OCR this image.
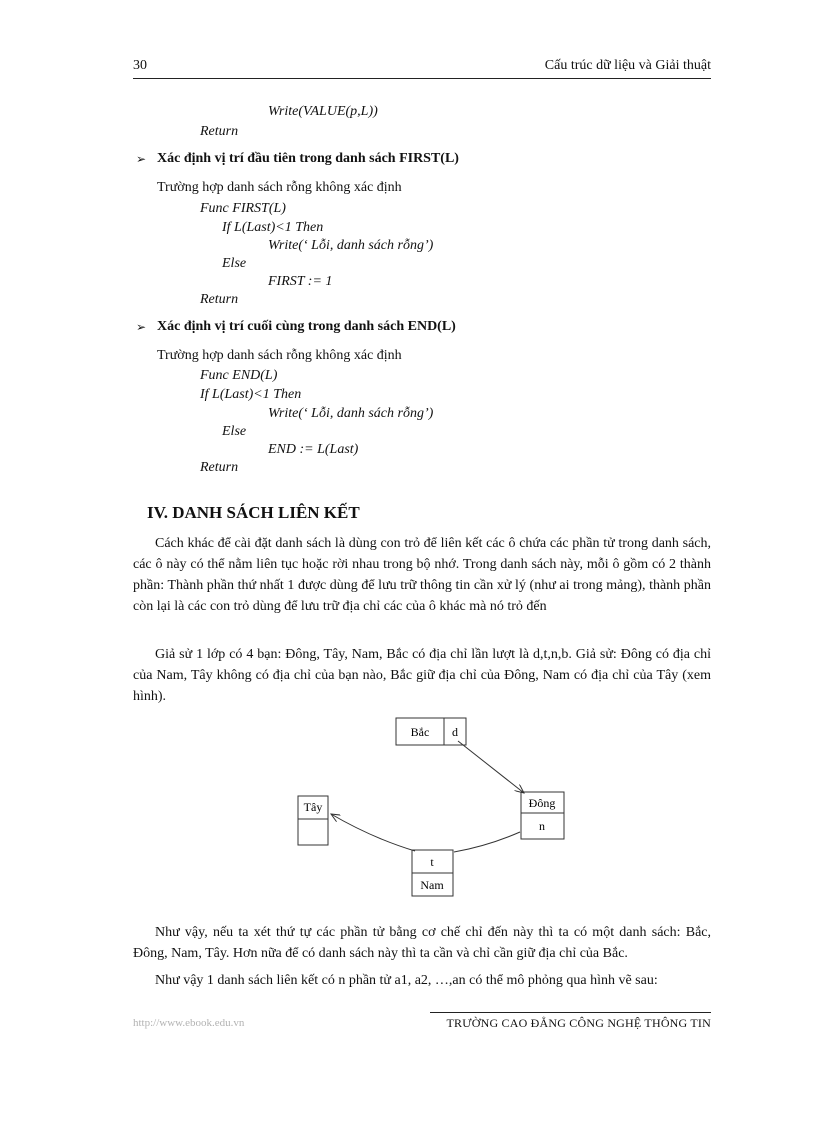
30	Cấu trúc dữ liệu và Giải thuật
Write(VALUE(p,L))
Return
➢ Xác định vị trí đầu tiên trong danh sách FIRST(L)
Trường hợp danh sách rỗng không xác định
Func FIRST(L)
If L(Last)<1 Then
Write(‘ Lỗi, danh sách rỗng’)
Else
FIRST := 1
Return
➢ Xác định vị trí cuối cùng trong danh sách END(L)
Trường hợp danh sách rỗng không xác định
Func END(L)
If L(Last)<1 Then
Write(‘ Lỗi, danh sách rỗng’)
Else
END := L(Last)
Return
IV. DANH SÁCH LIÊN KẾT

Cách khác để cài đặt danh sách là dùng con trỏ để liên kết các ô chứa các phần tử trong danh sách, các ô này có thể nằm liên tục hoặc rời nhau trong bộ nhớ. Trong danh sách này, mỗi ô gồm có 2 thành phần: Thành phần thứ nhất 1 được dùng để lưu trữ thông tin cần xử lý (như ai trong mảng), thành phần còn lại là các con trỏ dùng để lưu trữ địa chỉ các của ô khác mà nó trỏ đến

Giả sử 1 lớp có 4 bạn: Đông, Tây, Nam, Bắc có địa chỉ lần lượt là d,t,n,b. Giả sử: Đông có địa chỉ của Nam, Tây không có địa chỉ của bạn nào, Bắc giữ địa chỉ của Đông, Nam có địa chỉ của Tây (xem hình).

Bắc d
Đông
n
t
Nam
Tây

Như vậy, nếu ta xét thứ tự các phần tử bằng cơ chế chỉ đến này thì ta có một danh sách: Bắc, Đông, Nam, Tây. Hơn nữa để có danh sách này thì ta cần và chỉ cần giữ địa chỉ của Bắc.

Như vậy 1 danh sách liên kết có n phần tử a1, a2, …,an có thể mô phỏng qua hình vẽ sau:

http://www.ebook.edu.vn	TRƯỜNG CAO ĐẲNG CÔNG NGHỆ THÔNG TIN
